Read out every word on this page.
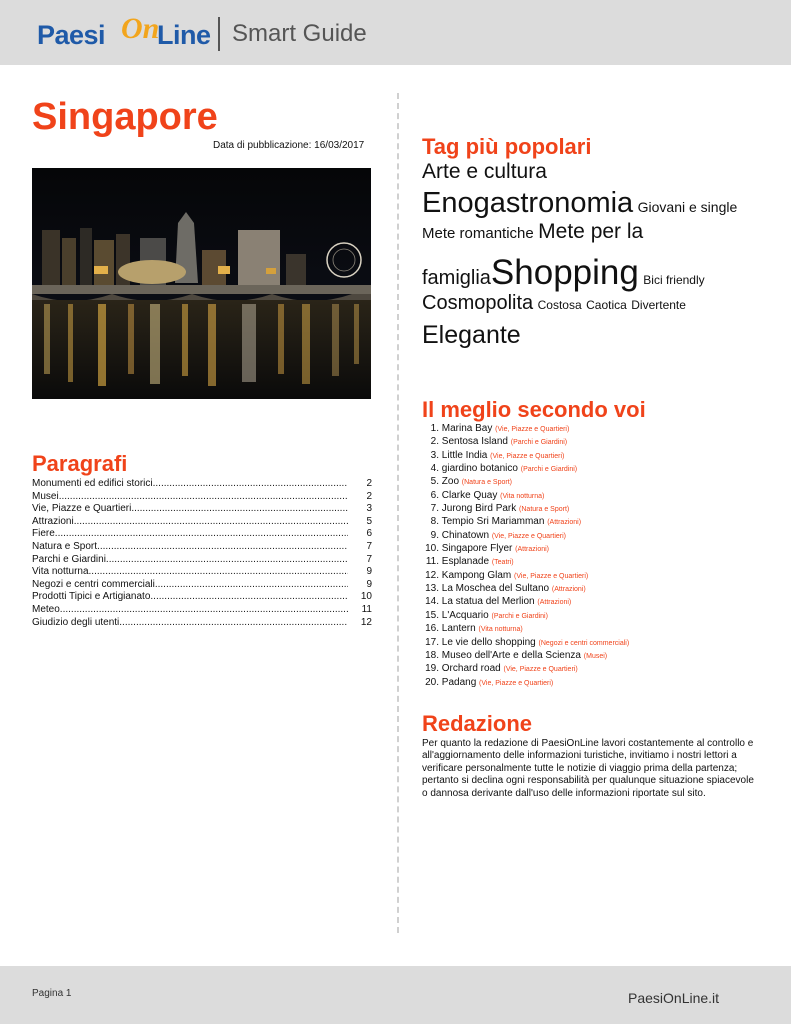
Paesi On
Line Smart Guide
Singapore
Data di pubblicazione: 16/03/2017
Paragrafi
Monumenti ed edifici storici .....	2
Musei .....	2
Vie, Piazze e Quartieri .....	3
Attrazioni .....	5
Fiere .....	6
Natura e Sport .....	7
Parchi e Giardini .....	7
Vita notturna .....	9
Negozi e centri commerciali .....	9
Prodotti Tipici e Artigianato .....	10
Meteo .....	11
Giudizio degli utenti .....	12
Tag più popolari
Arte e cultura
Enogastronomia Giovani e single
Mete romantiche Mete per la
famigliaShopping Bici friendly
Cosmopolita Costosa Caotica Divertente
Elegante
Il meglio secondo voi
1. Marina Bay (Vie, Piazze e Quartieri)
2. Sentosa Island (Parchi e Giardini)
3. Little India (Vie, Piazze e Quartieri)
4. giardino botanico (Parchi e Giardini)
5. Zoo (Natura e Sport)
6. Clarke Quay (Vita notturna)
7. Jurong Bird Park (Natura e Sport)
8. Tempio Sri Mariamman (Attrazioni)
9. Chinatown (Vie, Piazze e Quartieri)
10. Singapore Flyer (Attrazioni)
11. Esplanade (Teatri)
12. Kampong Glam (Vie, Piazze e Quartieri)
13. La Moschea del Sultano (Attrazioni)
14. La statua del Merlion (Attrazioni)
15. L'Acquario (Parchi e Giardini)
16. Lantern (Vita notturna)
17. Le vie dello shopping (Negozi e centri commerciali)
18. Museo dell'Arte e della Scienza (Musei)
19. Orchard road (Vie, Piazze e Quartieri)
20. Padang (Vie, Piazze e Quartieri)
Redazione

Per quanto la redazione di PaesiOnLine lavori costantemente al controllo e all'aggiornamento delle informazioni turistiche, invitiamo i nostri lettori a verificare personalmente tutte le notizie di viaggio prima della partenza; pertanto si declina ogni responsabilità per qualunque situazione spiacevole o dannosa derivante dall'uso delle informazioni riportate sul sito.

Pagina 1	PaesiOnLine.it
